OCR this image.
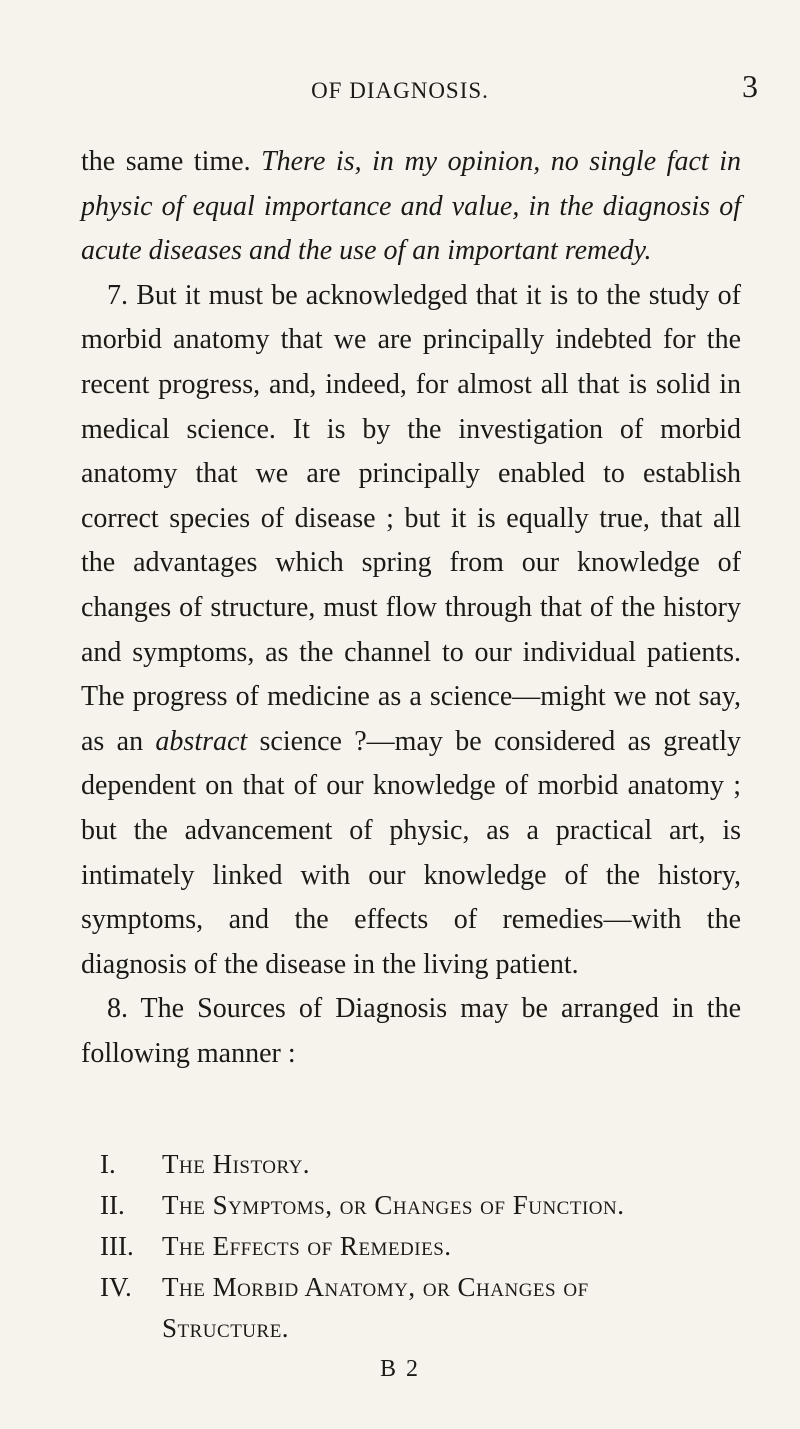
OF DIAGNOSIS.	3

the same time. There is, in my opinion, no single fact in physic of equal importance and value, in the diagnosis of acute diseases and the use of an important remedy.

7. But it must be acknowledged that it is to the study of morbid anatomy that we are principally indebted for the recent progress, and, indeed, for almost all that is solid in medical science. It is by the investigation of morbid anatomy that we are principally enabled to establish correct species of disease ; but it is equally true, that all the advantages which spring from our knowledge of changes of structure, must flow through that of the history and symptoms, as the channel to our individual patients. The progress of medicine as a science—might we not say, as an abstract science ?—may be considered as greatly dependent on that of our knowledge of morbid anatomy ; but the advancement of physic, as a practical art, is intimately linked with our knowledge of the history, symptoms, and the effects of remedies—with the diagnosis of the disease in the living patient.

8. The Sources of Diagnosis may be arranged in the following manner :

I.	The History.
II.	The Symptoms, or Changes of Function.
III.	The Effects of Remedies.
IV.	The Morbid Anatomy, or Changes of
Structure.
B 2
